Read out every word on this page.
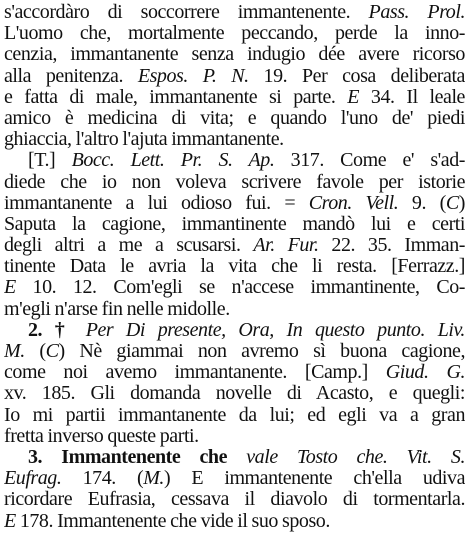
s'accordàro di soccorrere immantenente. Pass. Prol.
L'uomo che, mortalmente peccando, perde la inno-
cenzia, immantanente senza indugio dée avere ricorso
alla penitenza. Espos. P. N. 19. Per cosa deliberata
e fatta di male, immantanente si parte. E 34. Il leale
amico è medicina di vita; e quando l'uno de' piedi
ghiaccia, l'altro l'ajuta immantanente.
[T.] Bocc. Lett. Pr. S. Ap. 317. Come e' s'ad-
diede che io non voleva scrivere favole per istorie
immantanente a lui odioso fui. = Cron. Vell. 9. (C)
Saputa la cagione, immantinente mandò lui e certi
degli altri a me a scusarsi. Ar. Fur. 22. 35. Imman-
tinente Data le avria la vita che li resta. [Ferrazz.]
E 10. 12. Com'egli se n'accese immantinente, Co-
m'egli n'arse fin nelle midolle.
2. † Per Di presente, Ora, In questo punto. Liv.
M. (C) Nè giammai non avremo sì buona cagione,
come noi avemo immantanente. [Camp.] Giud. G.
xv. 185. Gli domanda novelle di Acasto, e quegli:
Io mi partii immantanente da lui; ed egli va a gran
fretta inverso queste parti.
3. Immantenente che vale Tosto che. Vit. S.
Eufrag. 174. (M.) E immantenente ch'ella udiva
ricordare Eufrasia, cessava il diavolo di tormentarla.
E 178. Immantenente che vide il suo sposo.
